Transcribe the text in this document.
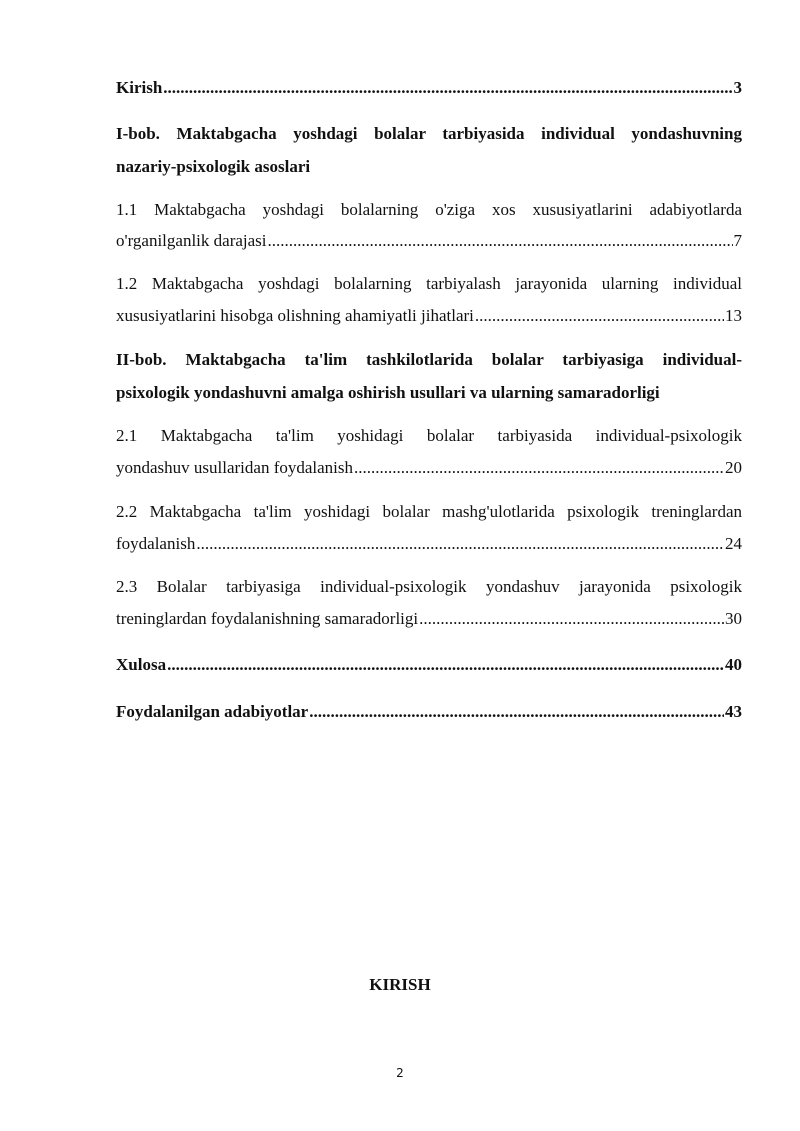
Kirish .....	3
I-bob. Maktabgacha yoshdagi bolalar tarbiyasida individual yondashuvning
nazariy-psixologik asoslari
1.1 Maktabgacha yoshdagi bolalarning o'ziga xos xususiyatlarini adabiyotlarda
o'rganilganlik darajasi .....	7
1.2 Maktabgacha yoshdagi bolalarning tarbiyalash jarayonida ularning individual
xususiyatlarini hisobga olishning ahamiyatli jihatlari .....	13
II-bob. Maktabgacha ta'lim tashkilotlarida bolalar tarbiyasiga individual-
psixologik yondashuvni amalga oshirish usullari va ularning samaradorligi
2.1 Maktabgacha ta'lim yoshidagi bolalar tarbiyasida individual-psixologik
yondashuv usullaridan foydalanish .....	20
2.2 Maktabgacha ta'lim yoshidagi bolalar mashg'ulotlarida psixologik treninglardan
foydalanish .....	24
2.3 Bolalar tarbiyasiga individual-psixologik yondashuv jarayonida psixologik
treninglardan foydalanishning samaradorligi .....	30
Xulosa .....	40
Foydalanilgan adabiyotlar .....	43
KIRISH
2
